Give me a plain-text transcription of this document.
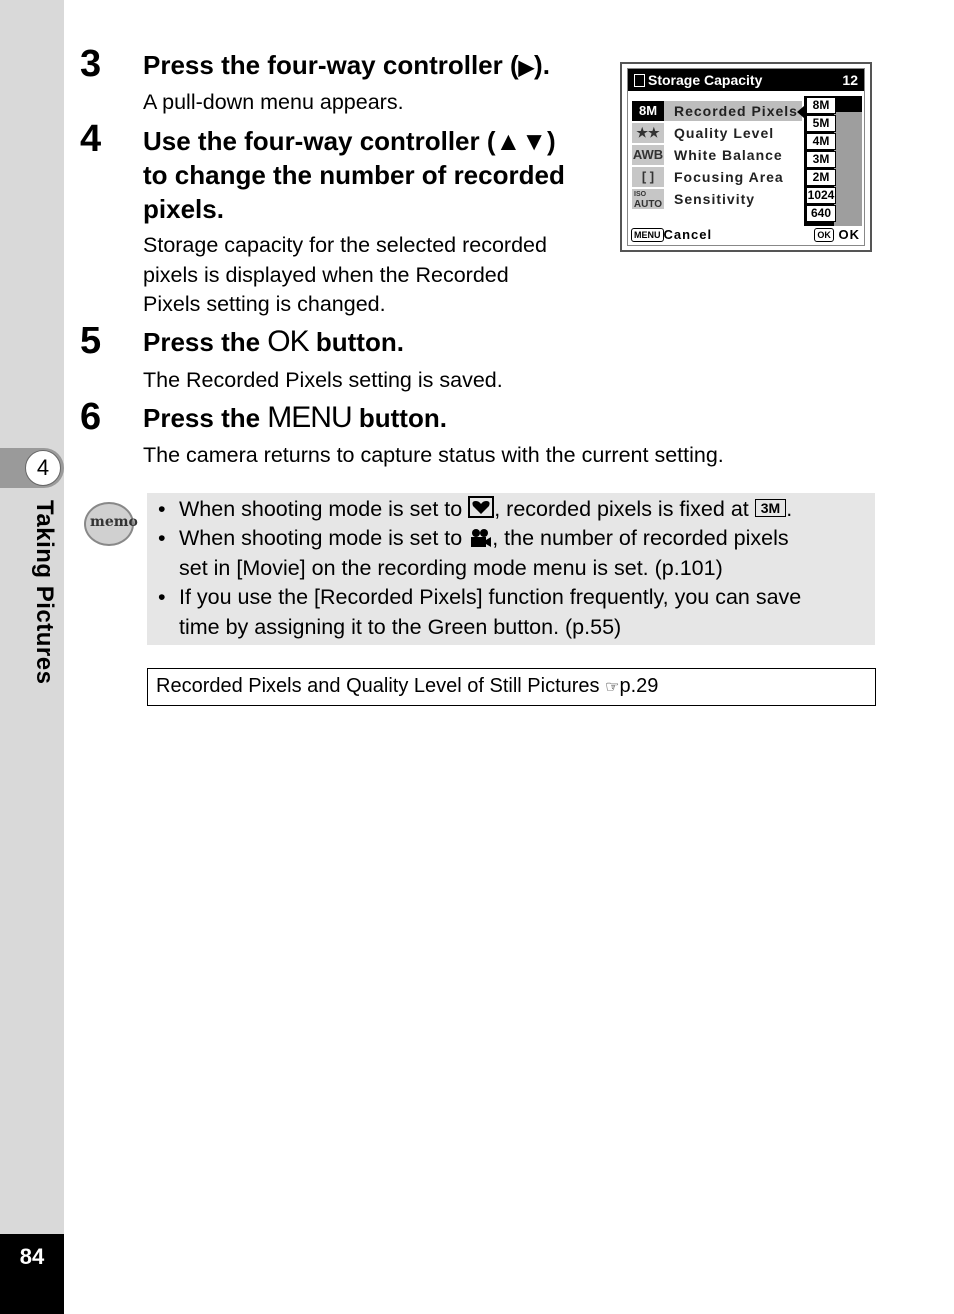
4
Taking Pictures
84
3 Press the four-way controller (▶).
A pull-down menu appears.
4 Use the four-way controller (▲▼)
to change the number of recorded
pixels.
Storage capacity for the selected recorded
pixels is displayed when the Recorded
Pixels setting is changed.
5 Press the OK button.
The Recorded Pixels setting is saved.
6 Press the MENU button.
The camera returns to capture status with the current setting.
Storage Capacity	12
8M	Recorded Pixels
★★	Quality Level
AWB White Balance
[ ]	Focusing Area
ISO
AUTO Sensitivity
8M
5M
4M
3M
2M
1024
640
MENU Cancel	OK OK
memo
• When shooting mode is set to
, recorded pixels is fixed at 3M .
• When shooting mode is set to
, the number of recorded pixels
set in [Movie] on the recording mode menu is set. (p.101)
• If you use the [Recorded Pixels] function frequently, you can save
time by assigning it to the Green button. (p.55)
Recorded Pixels and Quality Level of Still Pictures ☞p.29
